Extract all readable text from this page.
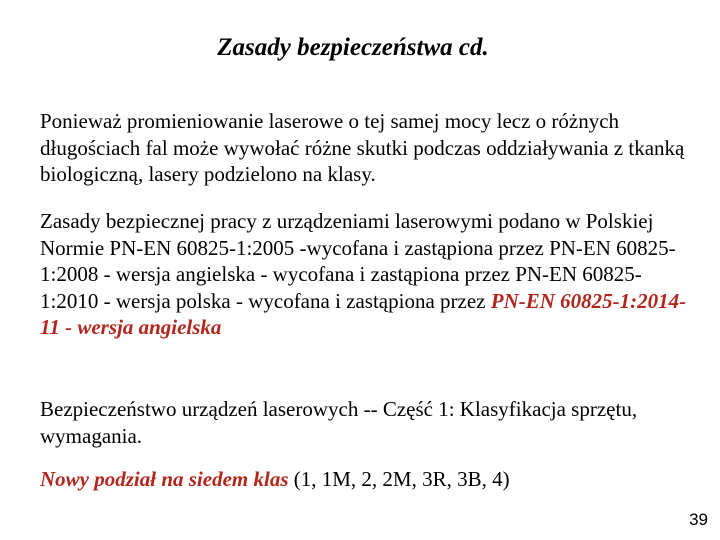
Zasady bezpieczeństwa cd.

Ponieważ promieniowanie laserowe o tej samej mocy lecz o różnych długościach fal może wywołać różne skutki podczas oddziaływania z tkanką biologiczną, lasery podzielono na klasy.

Zasady bezpiecznej pracy z urządzeniami laserowymi podano w Polskiej Normie PN-EN 60825-1:2005 -wycofana i zastąpiona przez PN-EN 60825-1:2008 - wersja angielska - wycofana i zastąpiona przez PN-EN 60825-1:2010 - wersja polska - wycofana i zastąpiona przez PN-EN 60825-1:2014-11 - wersja angielska

Bezpieczeństwo urządzeń laserowych -- Część 1: Klasyfikacja sprzętu, wymagania.

Nowy podział na siedem klas (1, 1M, 2, 2M, 3R, 3B, 4)

39
